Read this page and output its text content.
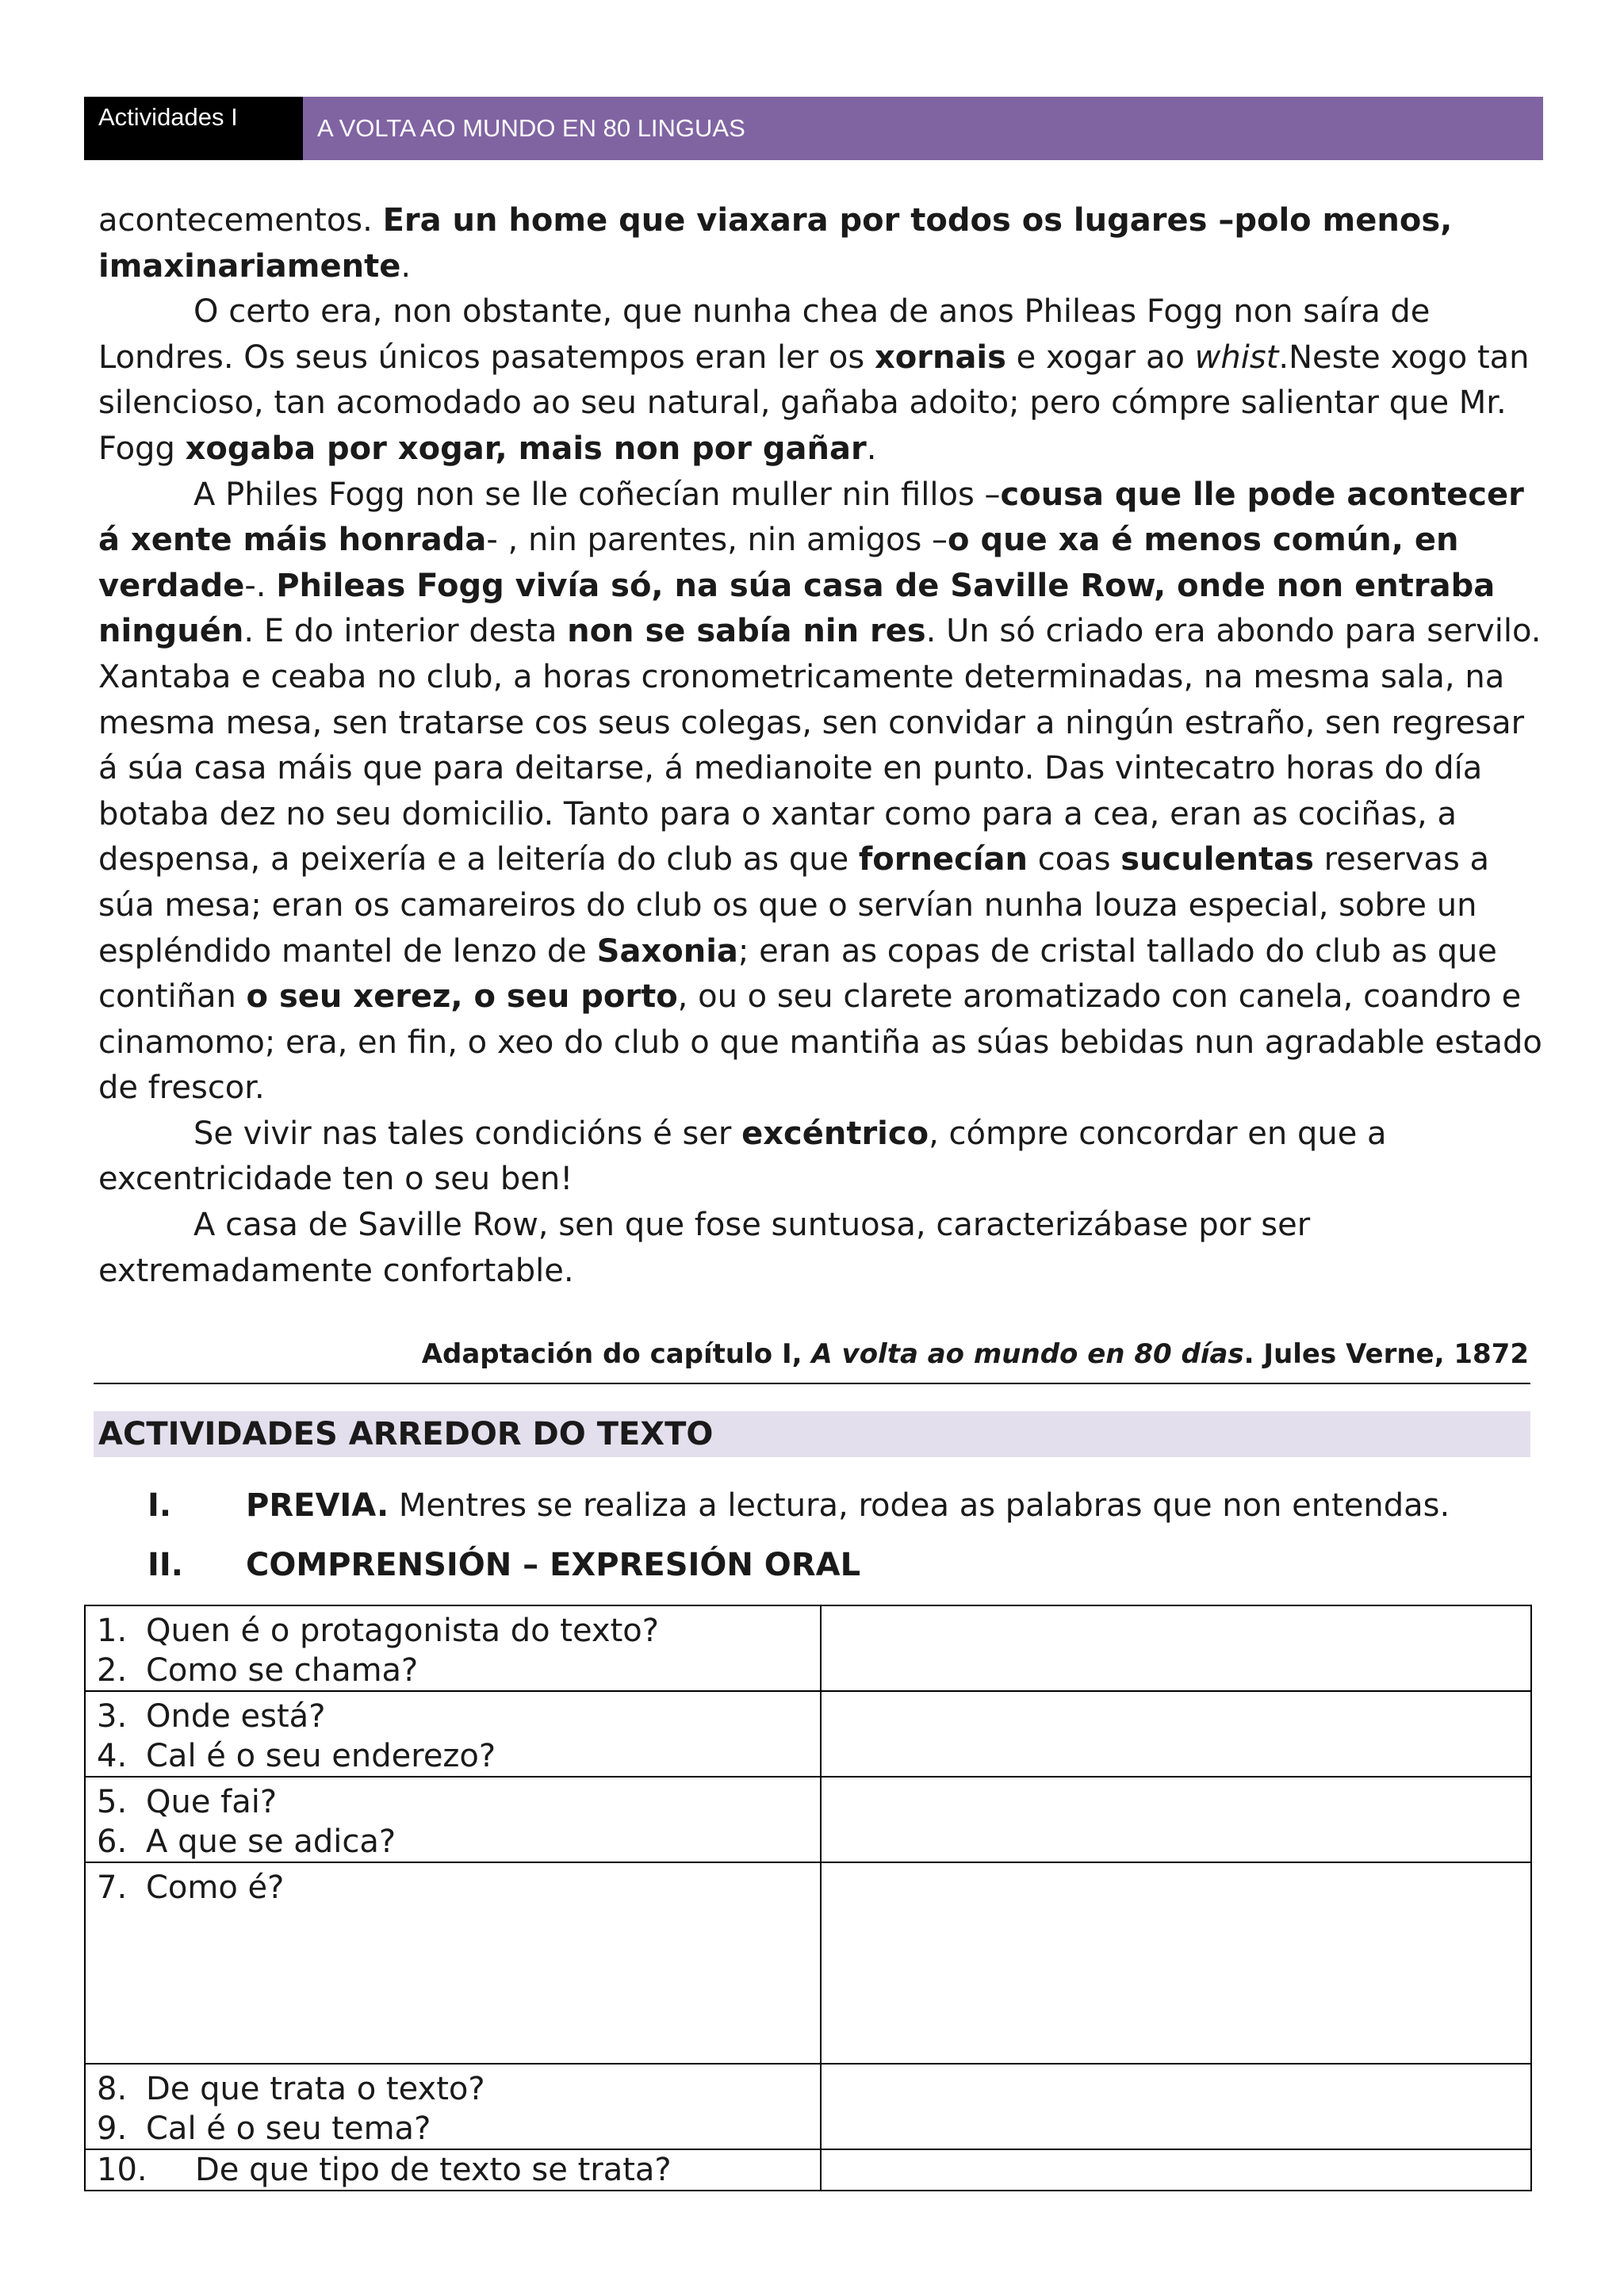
Actividades I	A VOLTA AO MUNDO EN 80 LINGUAS

acontecementos. Era un home que viaxara por todos os lugares –polo menos, imaxinariamente.

O certo era, non obstante, que nunha chea de anos Phileas Fogg non saíra de Londres. Os seus únicos pasatempos eran ler os xornais e xogar ao whist.Neste xogo tan silencioso, tan acomodado ao seu natural, gañaba adoito; pero cómpre salientar que Mr. Fogg xogaba por xogar, mais non por gañar.

A Philes Fogg non se lle coñecían muller nin fillos –cousa que lle pode acontecer á xente máis honrada- , nin parentes, nin amigos –o que xa é menos común, en verdade-. Phileas Fogg vivía só, na súa casa de Saville Row, onde non entraba ninguén. E do interior desta non se sabía nin res. Un só criado era abondo para servilo. Xantaba e ceaba no club, a horas cronometricamente determinadas, na mesma sala, na mesma mesa, sen tratarse cos seus colegas, sen convidar a ningún estraño, sen regresar á súa casa máis que para deitarse, á medianoite en punto. Das vintecatro horas do día botaba dez no seu domicilio. Tanto para o xantar como para a cea, eran as cociñas, a despensa, a peixería e a leitería do club as que fornecían coas suculentas reservas a súa mesa; eran os camareiros do club os que o servían nunha louza especial, sobre un espléndido mantel de lenzo de Saxonia; eran as copas de cristal tallado do club as que contiñan o seu xerez, o seu porto, ou o seu clarete aromatizado con canela, coandro e cinamomo; era, en fin, o xeo do club o que mantiña as súas bebidas nun agradable estado de frescor.

Se vivir nas tales condicións é ser excéntrico, cómpre concordar en que a excentricidade ten o seu ben!

A casa de Saville Row, sen que fose suntuosa, caracterizábase por ser extremadamente confortable.

Adaptación do capítulo I, A volta ao mundo en 80 días. Jules Verne, 1872
ACTIVIDADES ARREDOR DO TEXTO
I. PREVIA. Mentres se realiza a lectura, rodea as palabras que non entendas.
II. COMPRENSIÓN – EXPRESIÓN ORAL
1. Quen é o protagonista do texto?
2. Como se chama?	

3. Onde está?
4. Cal é o seu enderezo?	

5. Que fai?
6. A que se adica?	

7. Como é?	

8. De que trata o texto?
9. Cal é o seu tema?	

10. De que tipo de texto se trata?	
